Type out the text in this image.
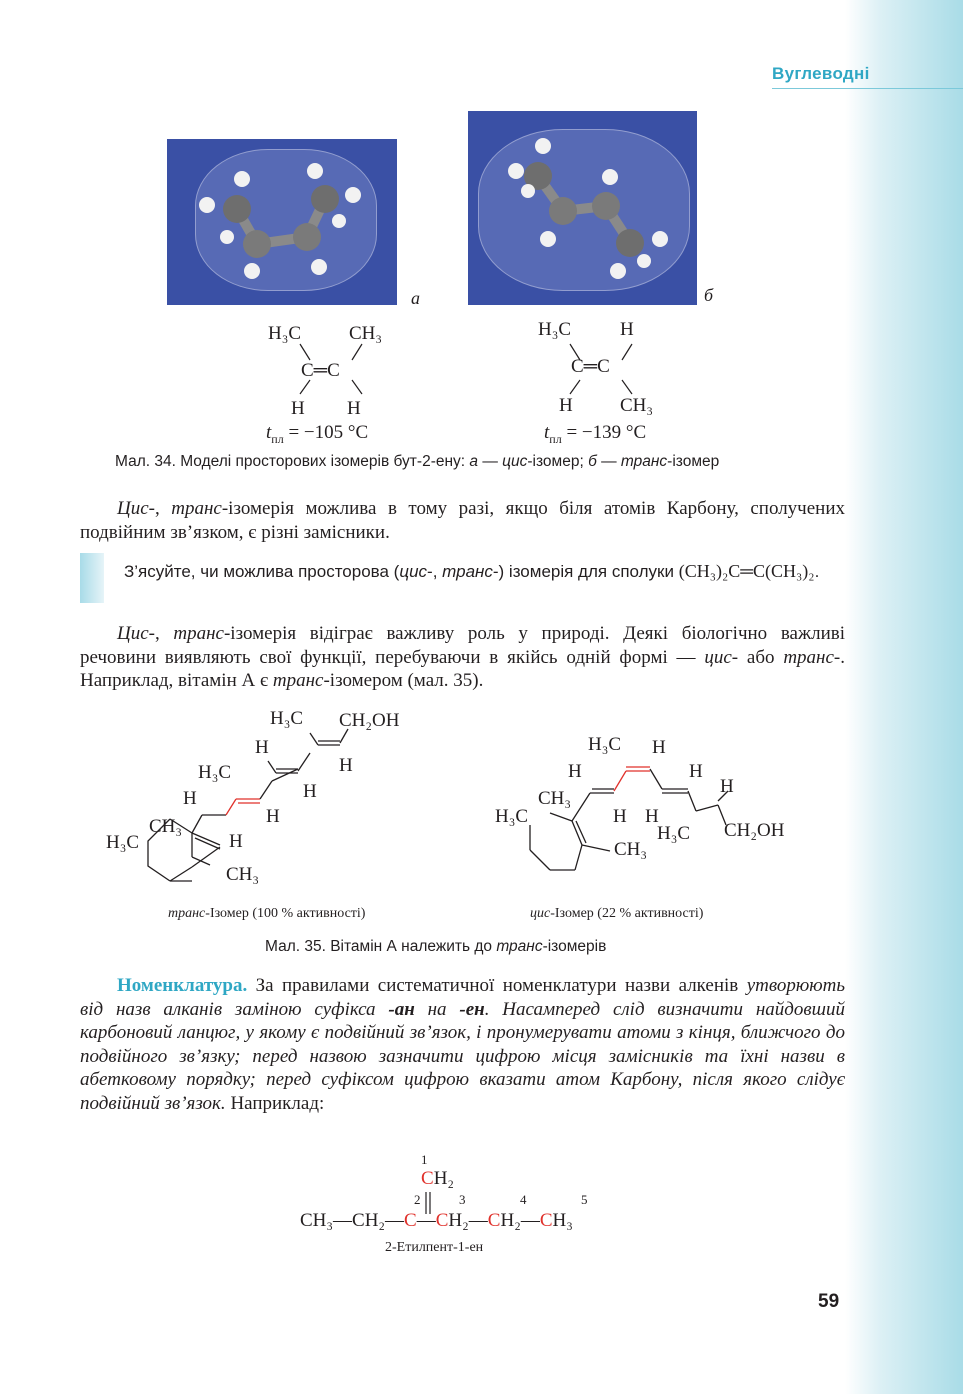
Вуглеводні
а	б
H₃C	CH₃
C═C
H H
$t_{пл} = -105$ °C
H₃C	H
C═C
H CH₃
$t_{пл} = -139$ °C
Мал. 34. Моделі просторових ізомерів бут-2-ену: а — цис-ізомер; б — транс-ізомер

Цис-, транс-ізомерія можлива в тому разі, якщо біля атомів Карбону, сполучених подвійним зв’язком, є різні замісники.

З’ясуйте, чи можлива просторова (цис-, транс-) ізомерія для сполуки (CH₃)₂C═C(CH₃)₂.

Цис-, транс-ізомерія відіграє важливу роль у природі. Деякі біологічно важливі речовини виявляють свої функції, перебуваючи в якійсь одній формі — цис- або транс-. Наприклад, вітамін А є транс-ізомером (мал. 35).

H₃C CH₂OH
H
H
H₃C
H
H
H
CH₃
H₃C
CH₃
H
H₃C H
H
CH₃
H₃C	H H
H
H₃C
H
CH₂OH
CH₃
транс-Ізомер (100 % активності)	цис-Ізомер (22 % активності)
Мал. 35. Вітамін А належить до транс-ізомерів

Номенклатура. За правилами систематичної номенклатури назви алкенів утворюють від назв алканів заміною суфікса -ан на -ен. Насамперед слід визначити найдовший карбоновий ланцюг, у якому є подвійний зв’язок, і пронумерувати атоми з кінця, ближчого до подвійного зв’язку; перед назвою зазначити цифрою місця замісників та їхні назви в абетковому порядку; перед суфіксом цифрою вказати атом Карбону, після якого слідує подвійний зв’язок. Наприклад:

1
CH₂
2	3	4	5
CH₃—CH₂—C—CH₂—CH₂—CH₃
2-Етилпент-1-ен
59
